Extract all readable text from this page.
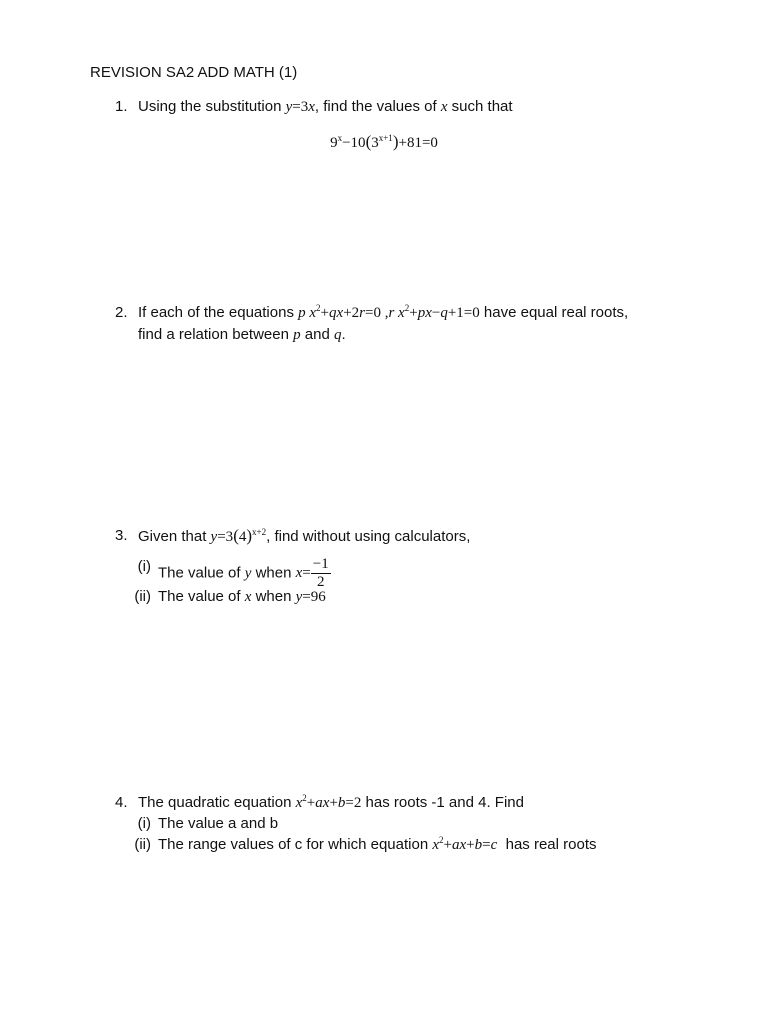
REVISION SA2 ADD MATH (1)
1. Using the substitution y=3x, find the values of x such that
$9^x-10(3^{x+1})+81=0$
2. If each of the equations p $x^2+qx+2r=0$ ,r $x^2+px-q+1=0$ have equal real roots,
find a relation between p and q.
3. Given that $y=3(4)^{x+2}$, find without using calculators,
(i) The value of y when $x= \frac{-1}{2}$
(ii) The value of x when y=96
4. The quadratic equation $x^2+ax+b=2$ has roots -1 and 4. Find
(i) The value a and b
(ii) The range values of c for which equation $x^2+ax+b=c$ has real roots
